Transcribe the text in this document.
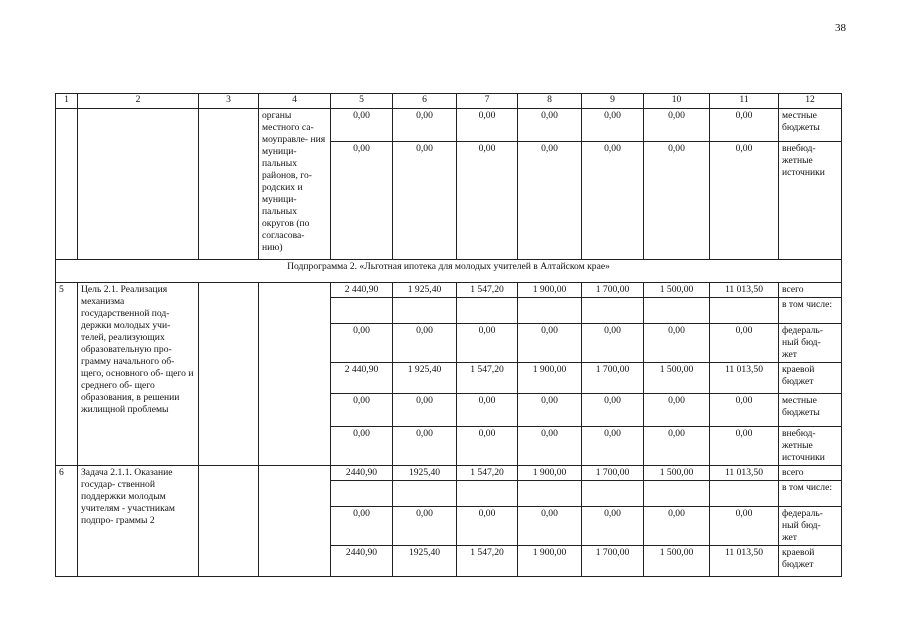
38
1	2	3	4	5	6	7	8	9	10	11	12
			органы местного са- моуправле- ния муници- пальных районов, го- родских и муници- пальных округов (по согласова- нию)	0,00	0,00	0,00	0,00	0,00	0,00	0,00	местные бюджеты
				0,00	0,00	0,00	0,00	0,00	0,00	0,00	внебюд- жетные источники
Подпрограмма 2. «Льготная ипотека для молодых учителей в Алтайском крае»											
5	Цель 2.1. Реализация механизма государственной под- держки молодых учи- телей, реализующих образовательную про- грамму начального об- щего, основного об- щего и среднего об- щего образования, в решении жилищной проблемы			2 440,90	1 925,40	1 547,20	1 900,00	1 700,00	1 500,00	11 013,50	всего
											в том числе:
				0,00	0,00	0,00	0,00	0,00	0,00	0,00	федераль- ный бюд- жет
				2 440,90	1 925,40	1 547,20	1 900,00	1 700,00	1 500,00	11 013,50	краевой бюджет
				0,00	0,00	0,00	0,00	0,00	0,00	0,00	местные бюджеты
				0,00	0,00	0,00	0,00	0,00	0,00	0,00	внебюд- жетные источники
6	Задача 2.1.1. Оказание государ- ственной поддержки молодым учителям - участникам подпро- граммы 2			2440,90	1925,40	1 547,20	1 900,00	1 700,00	1 500,00	11 013,50	всего
											в том числе:
				0,00	0,00	0,00	0,00	0,00	0,00	0,00	федераль- ный бюд- жет
				2440,90	1925,40	1 547,20	1 900,00	1 700,00	1 500,00	11 013,50	краевой бюджет
